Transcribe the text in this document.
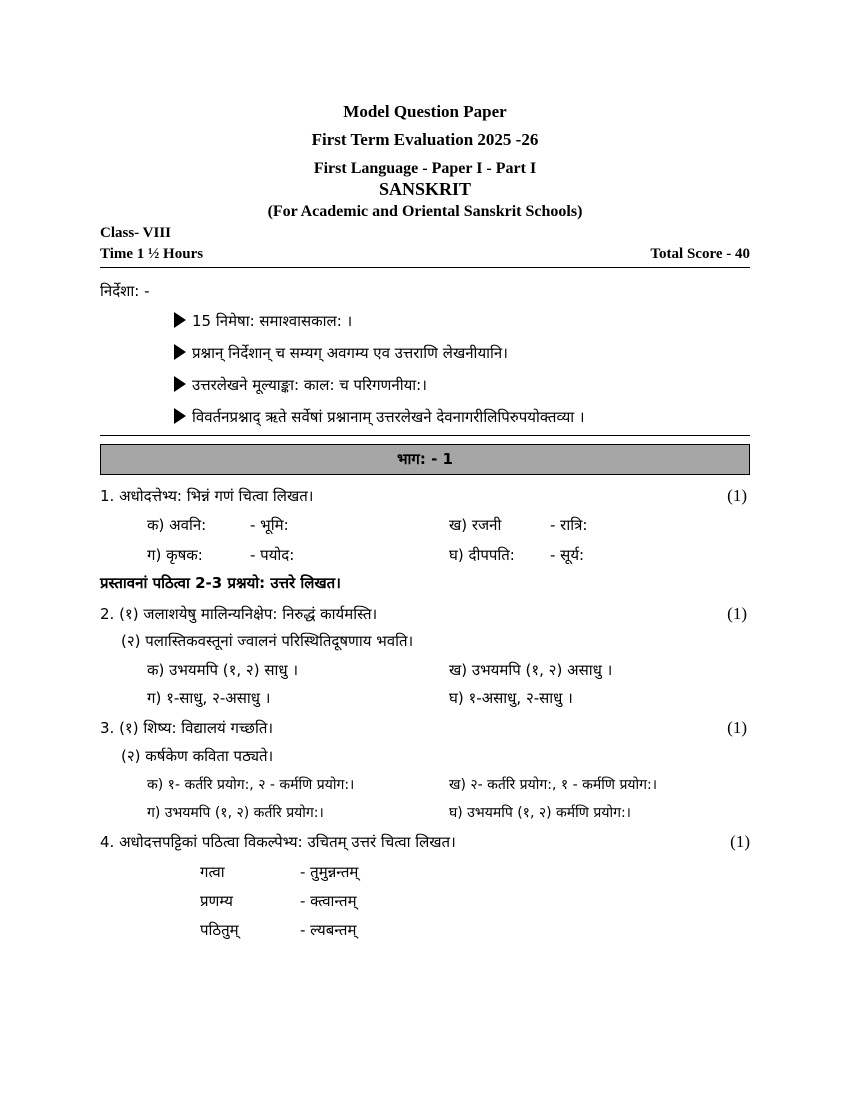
Model Question Paper
First Term Evaluation 2025 -26
First Language - Paper I - Part I
SANSKRIT
(For Academic and Oriental Sanskrit Schools)
Class- VIII
Time 1 ½ Hours	Total Score - 40
निर्देशा: -
15 निमेषा: समाश्वासकाल: ।
प्रश्नान् निर्देशान् च सम्यग् अवगम्य एव उत्तराणि लेखनीयानि।
उत्तरलेखने मूल्याङ्का: काल: च परिगणनीया:।
विवर्तनप्रश्नाद् ऋते सर्वेषां प्रश्नानाम् उत्तरलेखने देवनागरीलिपिरुपयोक्तव्या ।
भाग: - 1
1. अधोदत्तेभ्य: भिन्नं गणं चित्वा लिखत।	(1)
क) अवनि:	- भूमि:	ख) रजनी	- रात्रि:
ग) कृषक:	- पयोद:	घ) दीपपति: - सूर्य:
प्रस्तावनां पठित्वा 2-3 प्रश्नयो: उत्तरे लिखत।
2. (१) जलाशयेषु मालिन्यनिक्षेप: निरुद्धं कार्यमस्ति।	(1)
(२) पलास्तिकवस्तूनां ज्वालनं परिस्थितिदूषणाय भवति।
क) उभयमपि (१, २) साधु ।	ख) उभयमपि (१, २) असाधु ।
ग) १-साधु, २-असाधु ।	घ) १-असाधु, २-साधु ।
3. (१) शिष्य: विद्यालयं गच्छति।	(1)
(२) कर्षकेण कविता पठ्यते।
क) १- कर्तरि प्रयोग:, २ - कर्मणि प्रयोग:।	ख) २- कर्तरि प्रयोग:, १ - कर्मणि प्रयोग:।
ग) उभयमपि (१, २) कर्तरि प्रयोग:।	घ) उभयमपि (१, २) कर्मणि प्रयोग:।
4. अधोदत्तपट्टिकां पठित्वा विकल्पेभ्य: उचितम् उत्तरं चित्वा लिखत।	(1)
गत्वा	- तुमुन्नन्तम्
प्रणम्य	- क्त्वान्तम्
पठितुम्	- ल्यबन्तम्
